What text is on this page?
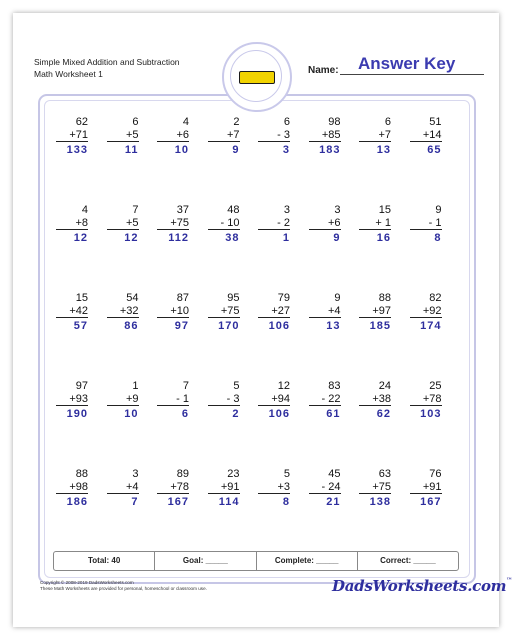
Simple Mixed Addition and Subtraction
Math Worksheet 1	Name: Answer Key
62
+71
133
6
+5
11
4
+6
10
2
+7
9
6
- 3
3
98
+85
183
6
+7
13
51
+14
65
4
+8
12
7
+5
12
37
+75
112
48
- 10
38
3
- 2
1
3
+6
9
15
+ 1
16
9
- 1
8
15
+42
57
54
+32
86
87
+10
97
95
+75
170
79
+27
106
9
+4
13
88
+97
185
82
+92
174
97
+93
190
1
+9
10
7
- 1
6
5
- 3
2
12
+94
106
83
- 22
61
24
+38
62
25
+78
103
88
+98
186
3
+4
7
89
+78
167
23
+91
114
5
+3
8
45
- 24
21
63
+75
138
76
+91
167
Total: 40	Goal: _____	Complete: _____	Correct: _____
Copyright © 2008-2019 DadsWorksheets.com
These Math Worksheets are provided for personal, homeschool or classroom use.	DadsWorksheets.com™
